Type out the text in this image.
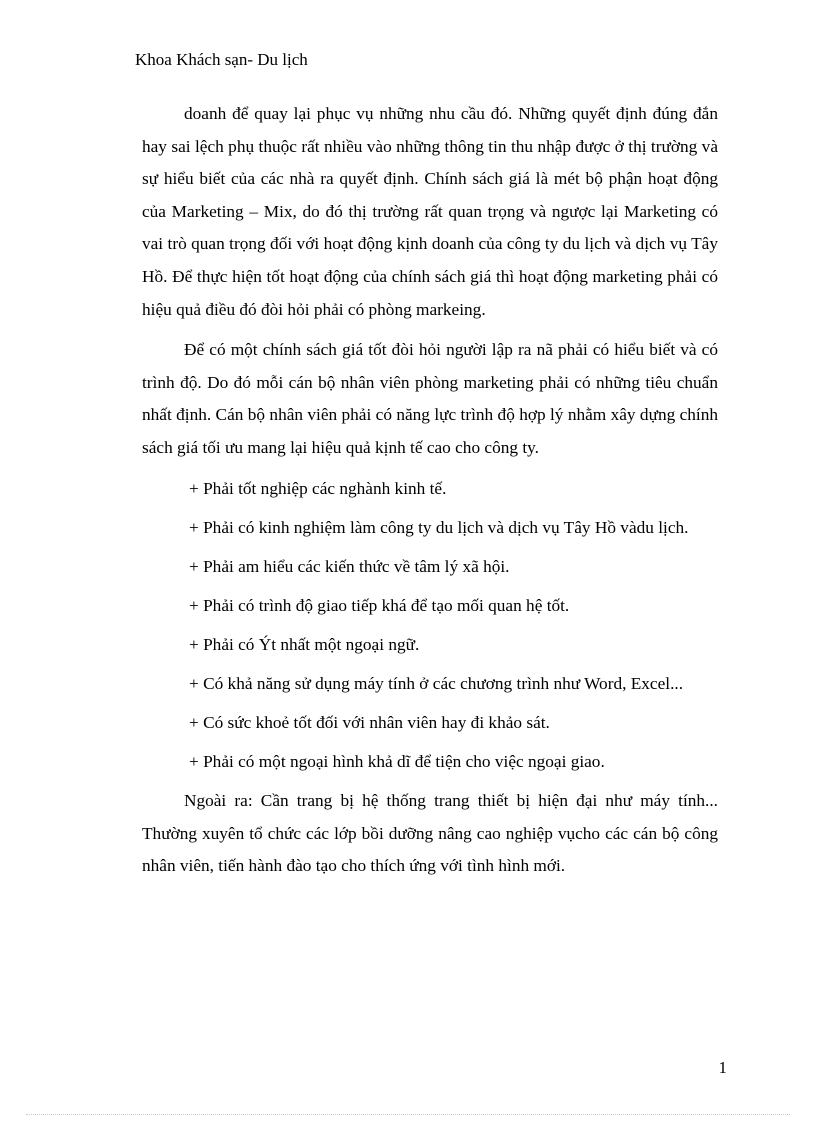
Khoa Khách sạn- Du lịch

doanh để quay lại phục vụ những nhu cầu đó. Những quyết định đúng đắn hay sai lệch phụ thuộc rất nhiều vào những thông tin thu nhập được ở thị trường và sự hiểu biết của các nhà ra quyết định. Chính sách giá là mét bộ phận hoạt động của Marketing – Mix, do đó thị trường rất quan trọng và ngược lại Marketing có vai trò quan trọng đối với hoạt động kịnh doanh của công ty du lịch và dịch vụ Tây Hồ. Để thực hiện tốt hoạt động của chính sách giá thì hoạt động marketing phải có hiệu quả điều đó đòi hỏi phải có phòng markeing.

Để có một chính sách giá tốt đòi hỏi người lập ra nã phải có hiểu biết và có trình độ. Do đó mỗi cán bộ nhân viên phòng marketing phải có những tiêu chuẩn nhất định. Cán bộ nhân viên phải có năng lực trình độ hợp lý nhằm xây dựng chính sách giá tối ưu mang lại hiệu quả kịnh tế cao cho công ty.

+ Phải tốt nghiệp các nghành kinh tế.

+ Phải có kinh nghiệm làm công ty du lịch và dịch vụ Tây Hồ vàdu lịch.

+ Phải am hiểu các kiến thức về tâm lý xã hội.

+ Phải có trình độ giao tiếp khá để tạo mối quan hệ tốt.

+ Phải có Ýt nhất một ngoại ngữ.

+ Có khả năng sử dụng máy tính ở các chương trình như Word, Excel...

+ Có sức khoẻ tốt đối với nhân viên hay đi khảo sát.

+ Phải có một ngoại hình khả dĩ để tiện cho việc ngoại giao.

Ngoài ra: Cần trang bị hệ thống trang thiết bị hiện đại như máy tính... Thường xuyên tổ chức các lớp bồi dưỡng nâng cao nghiệp vụcho các cán bộ công nhân viên, tiến hành đào tạo cho thích ứng với tình hình mới.

1
